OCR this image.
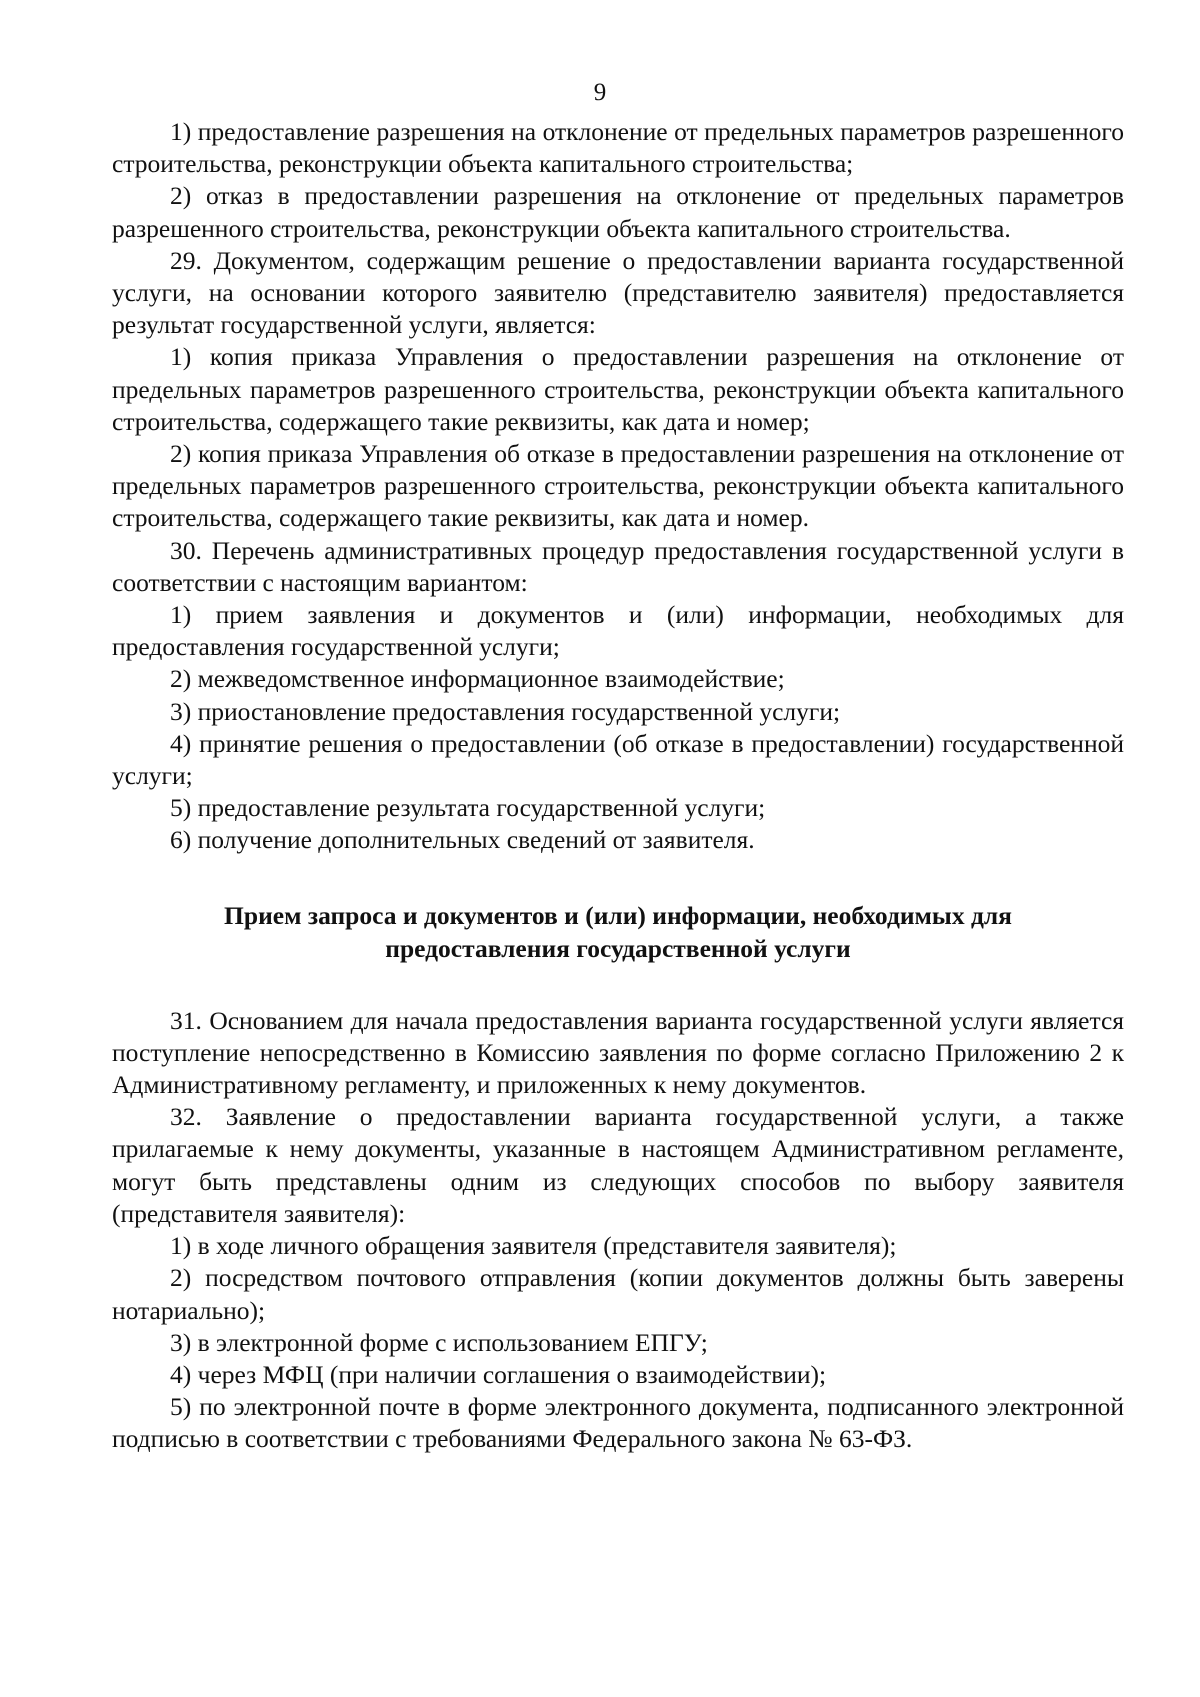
9

1) предоставление разрешения на отклонение от предельных параметров разрешенного строительства, реконструкции объекта капитального строительства;

2) отказ в предоставлении разрешения на отклонение от предельных параметров разрешенного строительства, реконструкции объекта капитального строительства.

29. Документом, содержащим решение о предоставлении варианта государственной услуги, на основании которого заявителю (представителю заявителя) предоставляется результат государственной услуги, является:

1) копия приказа Управления о предоставлении разрешения на отклонение от предельных параметров разрешенного строительства, реконструкции объекта капитального строительства, содержащего такие реквизиты, как дата и номер;

2) копия приказа Управления об отказе в предоставлении разрешения на отклонение от предельных параметров разрешенного строительства, реконструкции объекта капитального строительства, содержащего такие реквизиты, как дата и номер.

30. Перечень административных процедур предоставления государственной услуги в соответствии с настоящим вариантом:

1) прием заявления и документов и (или) информации, необходимых для предоставления государственной услуги;

2) межведомственное информационное взаимодействие;

3) приостановление предоставления государственной услуги;

4) принятие решения о предоставлении (об отказе в предоставлении) государственной услуги;

5) предоставление результата государственной услуги;

6) получение дополнительных сведений от заявителя.

Прием запроса и документов и (или) информации, необходимых для предоставления государственной услуги

31. Основанием для начала предоставления варианта государственной услуги является поступление непосредственно в Комиссию заявления по форме согласно Приложению 2 к Административному регламенту, и приложенных к нему документов.

32. Заявление о предоставлении варианта государственной услуги, а также прилагаемые к нему документы, указанные в настоящем Административном регламенте, могут быть представлены одним из следующих способов по выбору заявителя (представителя заявителя):

1) в ходе личного обращения заявителя (представителя заявителя);

2) посредством почтового отправления (копии документов должны быть заверены нотариально);

3) в электронной форме с использованием ЕПГУ;

4) через МФЦ (при наличии соглашения о взаимодействии);

5) по электронной почте в форме электронного документа, подписанного электронной подписью в соответствии с требованиями Федерального закона № 63-ФЗ.
